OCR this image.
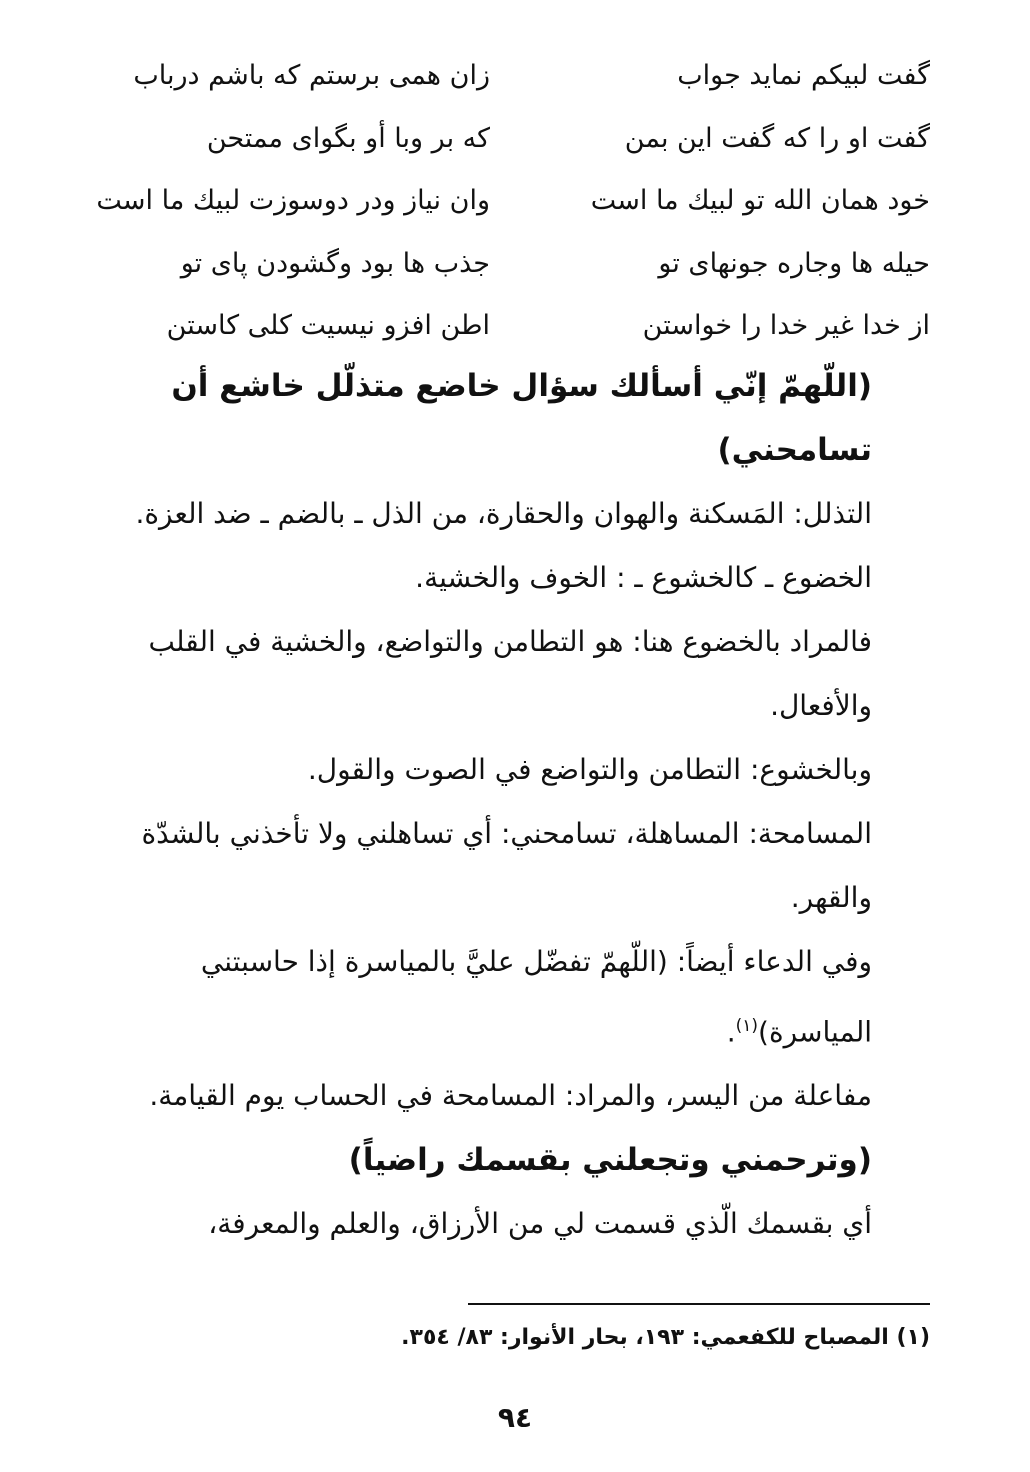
گفت لبيكم نمايد جواب
زان همی برستم كه باشم درباب
گفت او را كه گفت اين بمن
كه بر وبا أو بگوای ممتحن
خود همان الله تو لبيك ما است
وان نياز ودر دوسوزت لبيك ما است
حيله ها وجاره جونهای تو
جذب ها بود وگشودن پای تو
از خدا غير خدا را خواستن
اطن افزو نيسيت كلی كاستن

(اللّهمّ إنّي أسألك سؤال خاضع متذلّل خاشع أن تسامحني)

التذلل: المَسكنة والهوان والحقارة، من الذل ـ بالضم ـ ضد العزة.

الخضوع ـ كالخشوع ـ : الخوف والخشية.

فالمراد بالخضوع هنا: هو التطامن والتواضع، والخشية في القلب والأفعال.

وبالخشوع: التطامن والتواضع في الصوت والقول.

المسامحة: المساهلة، تسامحني: أي تساهلني ولا تأخذني بالشدّة والقهر.

وفي الدعاء أيضاً: (اللّهمّ تفضّل عليَّ بالمياسرة إذا حاسبتني المياسرة)$^{(١)}$.

مفاعلة من اليسر، والمراد: المسامحة في الحساب يوم القيامة.

(وترحمني وتجعلني بقسمك راضياً)

أي بقسمك الّذي قسمت لي من الأرزاق، والعلم والمعرفة،

(١) المصباح للكفعمي: ١٩٣، بحار الأنوار: ٨٣/ ٣٥٤.
٩٤
